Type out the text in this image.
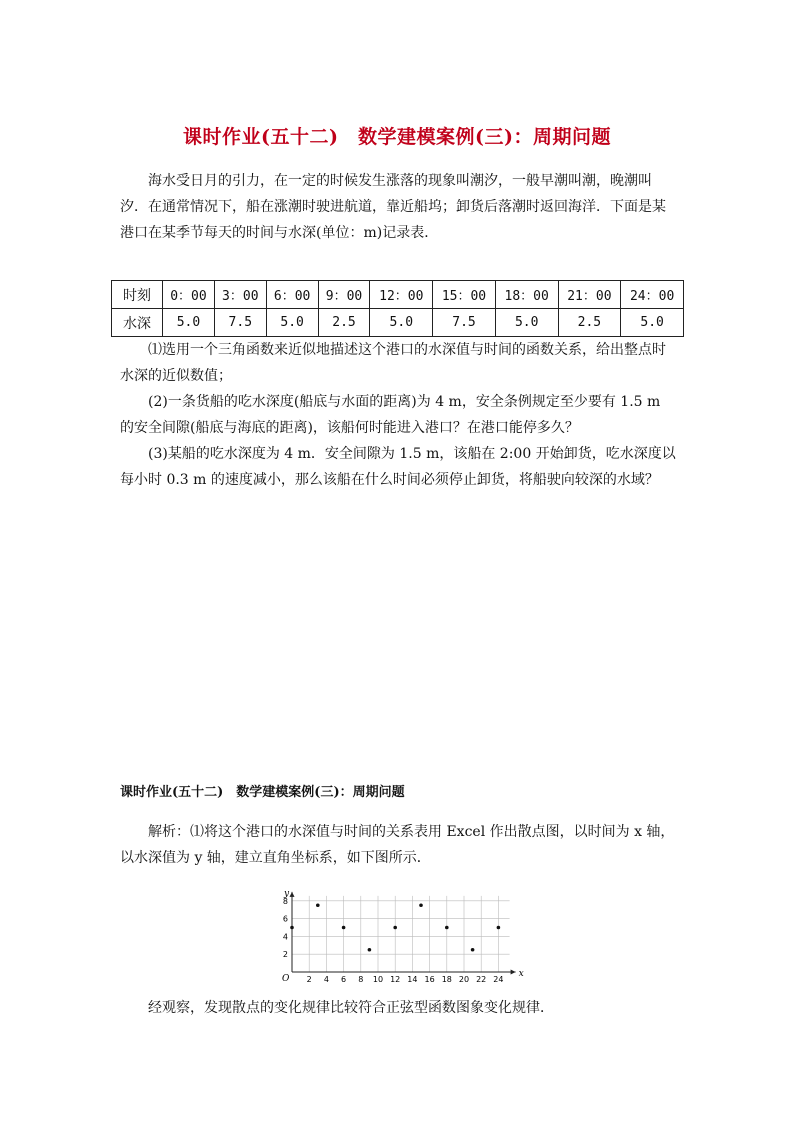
课时作业(五十二)　数学建模案例(三)：周期问题
海水受日月的引力，在一定的时候发生涨落的现象叫潮汐，一般早潮叫潮，晚潮叫汐．在通常情况下，船在涨潮时驶进航道，靠近船坞；卸货后落潮时返回海洋．下面是某港口在某季节每天的时间与水深(单位：m)记录表．
时刻	0：00	3：00	6：00	9：00	12：00	15：00	18：00	21：00	24：00
水深	5.0	7.5	5.0	2.5	5.0	7.5	5.0	2.5	5.0
⑴选用一个三角函数来近似地描述这个港口的水深值与时间的函数关系，给出整点时水深的近似数值；
(2)一条货船的吃水深度(船底与水面的距离)为 4 m，安全条例规定至少要有 1.5 m 的安全间隙(船底与海底的距离)，该船何时能进入港口？在港口能停多久？
(3)某船的吃水深度为 4 m．安全间隙为 1.5 m，该船在 2:00 开始卸货，吃水深度以每小时 0.3 m 的速度减小，那么该船在什么时间必须停止卸货，将船驶向较深的水域？
课时作业(五十二)　数学建模案例(三)：周期问题
解析：⑴将这个港口的水深值与时间的关系表用 Excel 作出散点图，以时间为 x 轴，以水深值为 y 轴，建立直角坐标系，如下图所示．
x
y
O 2 4 6 8 10 12 14 16 18 20 22 24
2
4
6
8
经观察，发现散点的变化规律比较符合正弦型函数图象变化规律．
